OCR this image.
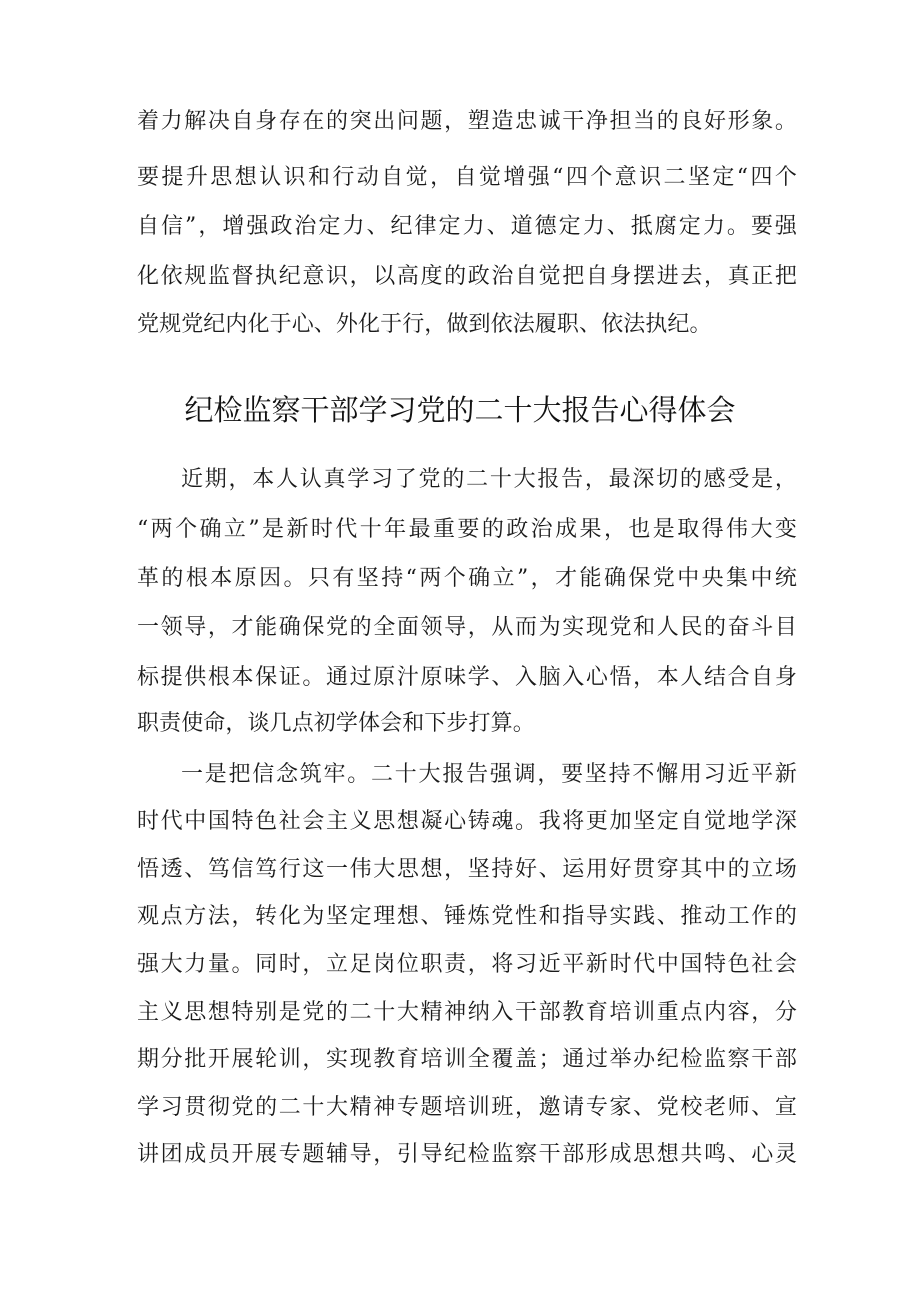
着力解决自身存在的突出问题，塑造忠诚干净担当的良好形象。
要提升思想认识和行动自觉，自觉增强“四个意识二坚定“四个
自信”，增强政治定力、纪律定力、道德定力、抵腐定力。要强
化依规监督执纪意识，以高度的政治自觉把自身摆进去，真正把
党规党纪内化于心、外化于行，做到依法履职、依法执纪。
纪检监察干部学习党的二十大报告心得体会
近期，本人认真学习了党的二十大报告，最深切的感受是，
“两个确立”是新时代十年最重要的政治成果，也是取得伟大变
革的根本原因。只有坚持“两个确立”，才能确保党中央集中统
一领导，才能确保党的全面领导，从而为实现党和人民的奋斗目
标提供根本保证。通过原汁原味学、入脑入心悟，本人结合自身
职责使命，谈几点初学体会和下步打算。
一是把信念筑牢。二十大报告强调，要坚持不懈用习近平新
时代中国特色社会主义思想凝心铸魂。我将更加坚定自觉地学深
悟透、笃信笃行这一伟大思想，坚持好、运用好贯穿其中的立场
观点方法，转化为坚定理想、锤炼党性和指导实践、推动工作的
强大力量。同时，立足岗位职责，将习近平新时代中国特色社会
主义思想特别是党的二十大精神纳入干部教育培训重点内容，分
期分批开展轮训，实现教育培训全覆盖；通过举办纪检监察干部
学习贯彻党的二十大精神专题培训班，邀请专家、党校老师、宣
讲团成员开展专题辅导，引导纪检监察干部形成思想共鸣、心灵
